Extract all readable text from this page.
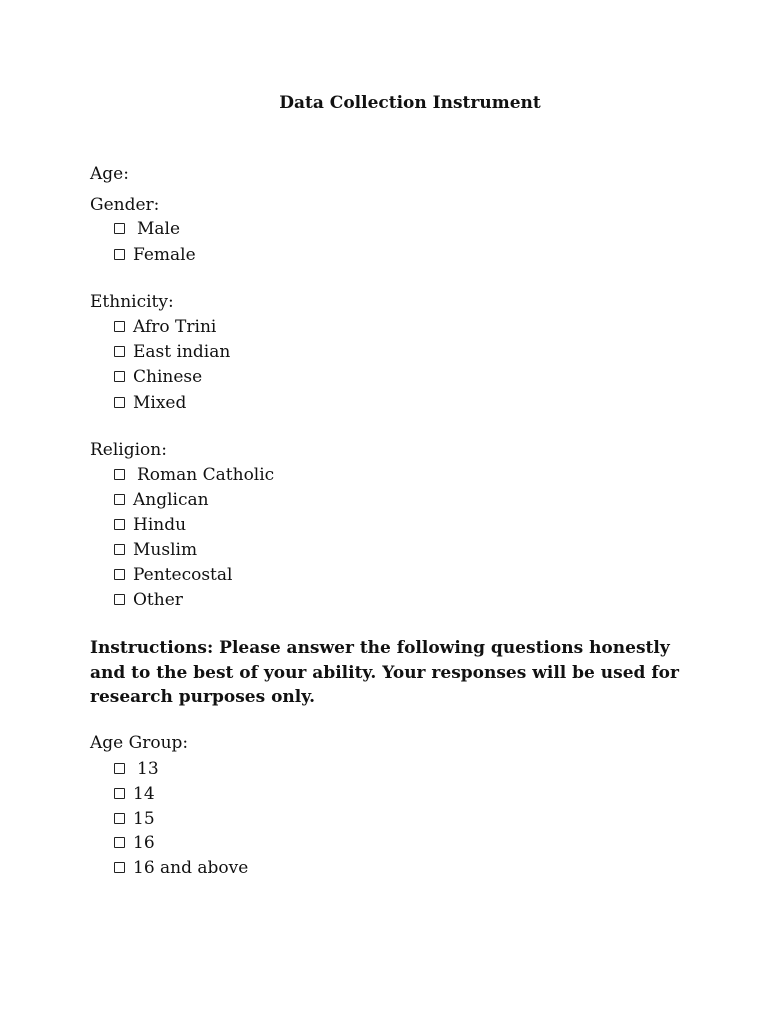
Data Collection Instrument
Age:
Gender:
Male
Female
Ethnicity:
Afro Trini
East indian
Chinese
Mixed
Religion:
Roman Catholic
Anglican
Hindu
Muslim
Pentecostal
Other
Instructions: Please answer the following questions honestly and to the best of your ability. Your responses will be used for research purposes only.
Age Group:
13
14
15
16
16 and above
